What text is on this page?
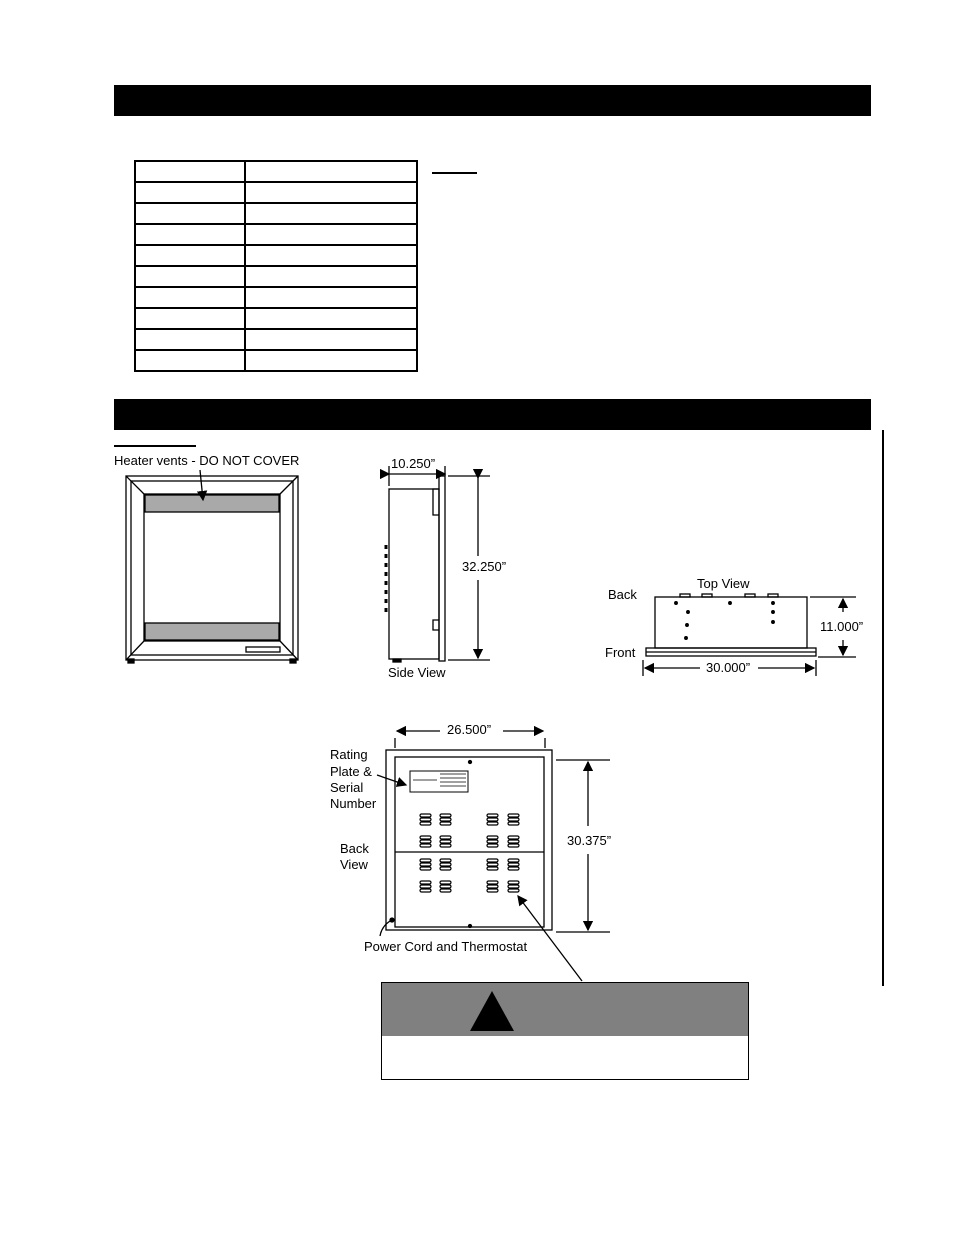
Heater vents - DO NOT COVER	10.250”
32.250”
Side View
Top View
Back
Front
11.000”
30.000”
26.500”
30.375”
Rating
Plate &
Serial
Number
Back
View
Power Cord and Thermostat
